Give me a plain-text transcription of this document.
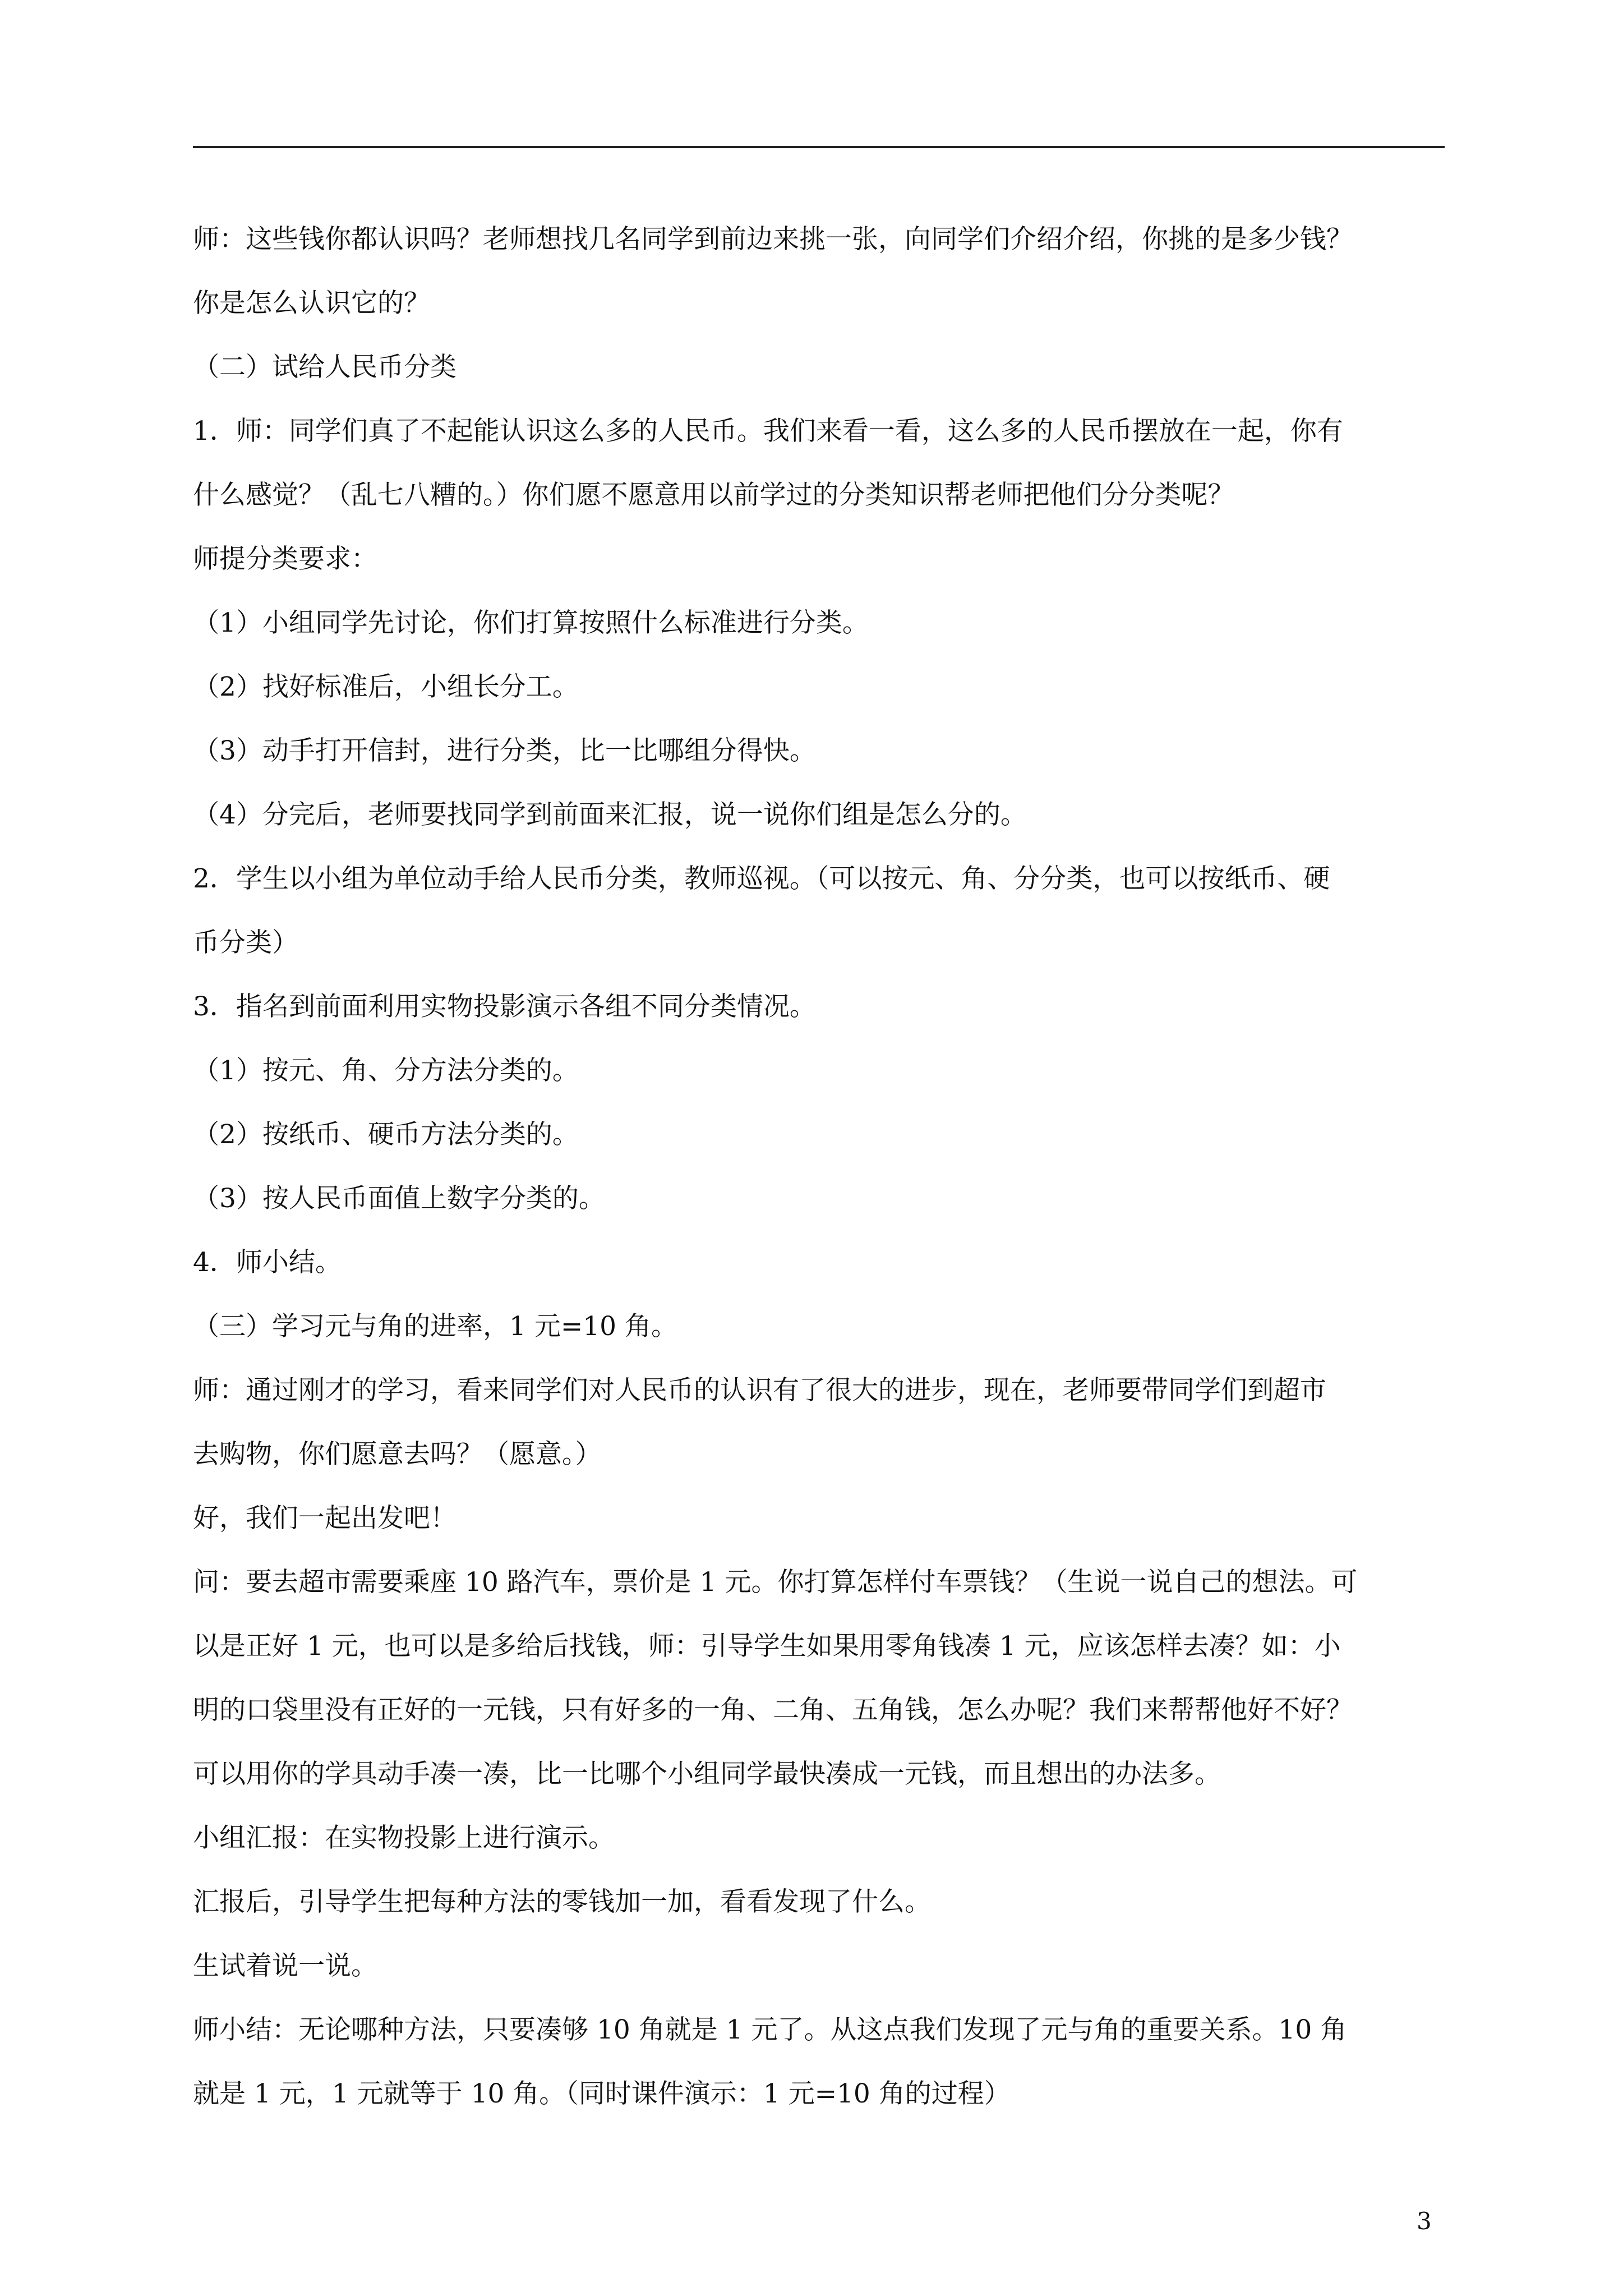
师：这些钱你都认识吗？老师想找几名同学到前边来挑一张，向同学们介绍介绍，你挑的是多少钱？

你是怎么认识它的？

（二）试给人民币分类

1．师：同学们真了不起能认识这么多的人民币。我们来看一看，这么多的人民币摆放在一起，你有

什么感觉？（乱七八糟的。）你们愿不愿意用以前学过的分类知识帮老师把他们分分类呢？

师提分类要求：

（1）小组同学先讨论，你们打算按照什么标准进行分类。

（2）找好标准后，小组长分工。

（3）动手打开信封，进行分类，比一比哪组分得快。

（4）分完后，老师要找同学到前面来汇报，说一说你们组是怎么分的。

2．学生以小组为单位动手给人民币分类，教师巡视。（可以按元、角、分分类，也可以按纸币、硬

币分类）

3．指名到前面利用实物投影演示各组不同分类情况。

（1）按元、角、分方法分类的。

（2）按纸币、硬币方法分类的。

（3）按人民币面值上数字分类的。

4．师小结。

（三）学习元与角的进率，1 元=10 角。

师：通过刚才的学习，看来同学们对人民币的认识有了很大的进步，现在，老师要带同学们到超市

去购物，你们愿意去吗？（愿意。）

好，我们一起出发吧！

问：要去超市需要乘座 10 路汽车，票价是 1 元。你打算怎样付车票钱？（生说一说自己的想法。可

以是正好 1 元，也可以是多给后找钱，师：引导学生如果用零角钱凑 1 元，应该怎样去凑？如：小

明的口袋里没有正好的一元钱，只有好多的一角、二角、五角钱，怎么办呢？我们来帮帮他好不好？

可以用你的学具动手凑一凑，比一比哪个小组同学最快凑成一元钱，而且想出的办法多。

小组汇报：在实物投影上进行演示。

汇报后，引导学生把每种方法的零钱加一加，看看发现了什么。

生试着说一说。

师小结：无论哪种方法，只要凑够 10 角就是 1 元了。从这点我们发现了元与角的重要关系。10 角

就是 1 元，1 元就等于 10 角。（同时课件演示：1 元=10 角的过程）

3
